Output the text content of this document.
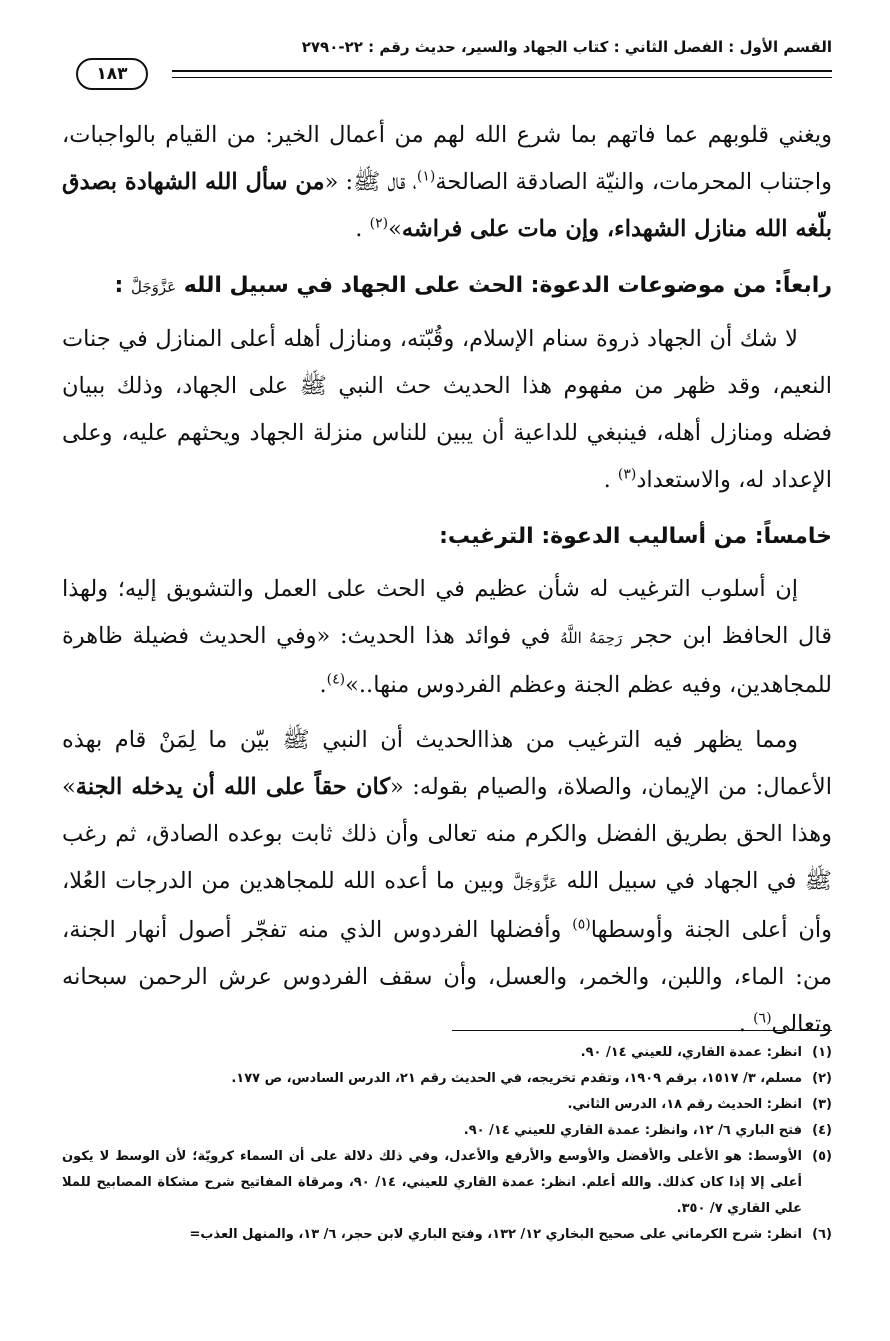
القسم الأول : الفصل الثاني : كتاب الجهاد والسير، حديث رقم : ٢٢-٢٧٩٠
١٨٣

ويغني قلوبهم عما فاتهم بما شرع الله لهم من أعمال الخير: من القيام بالواجبات، واجتناب المحرمات، والنيّة الصادقة الصالحة$^{(١)}$، قال ﷺ: «من سأل الله الشهادة بصدق بلّغه الله منازل الشهداء، وإن مات على فراشه»$^{(٢)}$ .

رابعاً: من موضوعات الدعوة: الحث على الجهاد في سبيل الله عَزَّوَجَلَّ :

لا شك أن الجهاد ذروة سنام الإسلام، وقُبّته، ومنازل أهله أعلى المنازل في جنات النعيم، وقد ظهر من مفهوم هذا الحديث حث النبي ﷺ على الجهاد، وذلك ببيان فضله ومنازل أهله، فينبغي للداعية أن يبين للناس منزلة الجهاد ويحثهم عليه، وعلى الإعداد له، والاستعداد$^{(٣)}$ .

خامساً: من أساليب الدعوة: الترغيب:

إن أسلوب الترغيب له شأن عظيم في الحث على العمل والتشويق إليه؛ ولهذا قال الحافظ ابن حجر رَحِمَهُ اللَّهُ في فوائد هذا الحديث: «وفي الحديث فضيلة ظاهرة للمجاهدين، وفيه عظم الجنة وعظم الفردوس منها..»$^{(٤)}$.

ومما يظهر فيه الترغيب من هذاالحديث أن النبي ﷺ بيّن ما لِمَنْ قام بهذه الأعمال: من الإيمان، والصلاة، والصيام بقوله: «كان حقاً على الله أن يدخله الجنة» وهذا الحق بطريق الفضل والكرم منه تعالى وأن ذلك ثابت بوعده الصادق، ثم رغب ﷺ في الجهاد في سبيل الله عَزَّوَجَلَّ وبين ما أعده الله للمجاهدين من الدرجات العُلا، وأن أعلى الجنة وأوسطها$^{(٥)}$ وأفضلها الفردوس الذي منه تفجّر أصول أنهار الجنة، من: الماء، واللبن، والخمر، والعسل، وأن سقف الفردوس عرش الرحمن سبحانه وتعالى$^{(٦)}$ .

(١)انظر: عمدة القاري، للعيني ١٤/ ٩٠.

(٢)مسلم، ٣/ ١٥١٧، برقم ١٩٠٩، وتقدم تخريجه، في الحديث رقم ٢١، الدرس السادس، ص ١٧٧.

(٣)انظر: الحديث رقم ١٨، الدرس الثاني.

(٤)فتح الباري ٦/ ١٢، وانظر: عمدة القاري للعيني ١٤/ ٩٠.

(٥)الأوسط: هو الأعلى والأفضل والأوسع والأرفع والأعدل، وفي ذلك دلالة على أن السماء كرويّة؛ لأن الوسط لا يكون أعلى إلا إذا كان كذلك. والله أعلم. انظر: عمدة القاري للعيني، ١٤/ ٩٠، ومرقاة المفاتيح شرح مشكاة المصابيح للملا علي القاري ٧/ ٣٥٠.

(٦)انظر: شرح الكرماني على صحيح البخاري ١٢/ ١٣٢، وفتح الباري لابن حجر، ٦/ ١٣، والمنهل العذب=
